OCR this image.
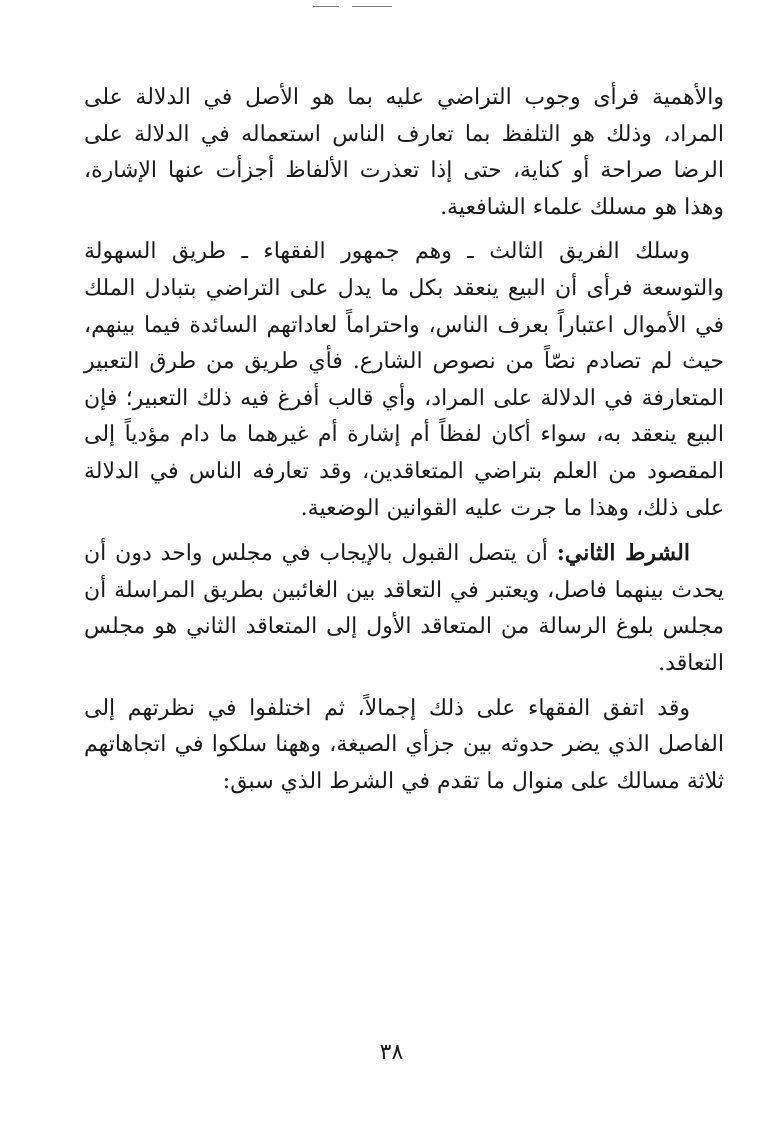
والأهمية فرأى وجوب التراضي عليه بما هو الأصل في الدلالة على المراد، وذلك هو التلفظ بما تعارف الناس استعماله في الدلالة على الرضا صراحة أو كناية، حتى إذا تعذرت الألفاظ أجزأت عنها الإشارة، وهذا هو مسلك علماء الشافعية.

وسلك الفريق الثالث ـ وهم جمهور الفقهاء ـ طريق السهولة والتوسعة فرأى أن البيع ينعقد بكل ما يدل على التراضي بتبادل الملك في الأموال اعتباراً بعرف الناس، واحتراماً لعاداتهم السائدة فيما بينهم، حيث لم تصادم نصّاً من نصوص الشارع. فأي طريق من طرق التعبير المتعارفة في الدلالة على المراد، وأي قالب أفرغ فيه ذلك التعبير؛ فإن البيع ينعقد به، سواء أكان لفظاً أم إشارة أم غيرهما ما دام مؤدياً إلى المقصود من العلم بتراضي المتعاقدين، وقد تعارفه الناس في الدلالة على ذلك، وهذا ما جرت عليه القوانين الوضعية.

الشرط الثاني: أن يتصل القبول بالإيجاب في مجلس واحد دون أن يحدث بينهما فاصل، ويعتبر في التعاقد بين الغائبين بطريق المراسلة أن مجلس بلوغ الرسالة من المتعاقد الأول إلى المتعاقد الثاني هو مجلس التعاقد.

وقد اتفق الفقهاء على ذلك إجمالاً، ثم اختلفوا في نظرتهم إلى الفاصل الذي يضر حدوثه بين جزأي الصيغة، وههنا سلكوا في اتجاهاتهم ثلاثة مسالك على منوال ما تقدم في الشرط الذي سبق:

٣٨
